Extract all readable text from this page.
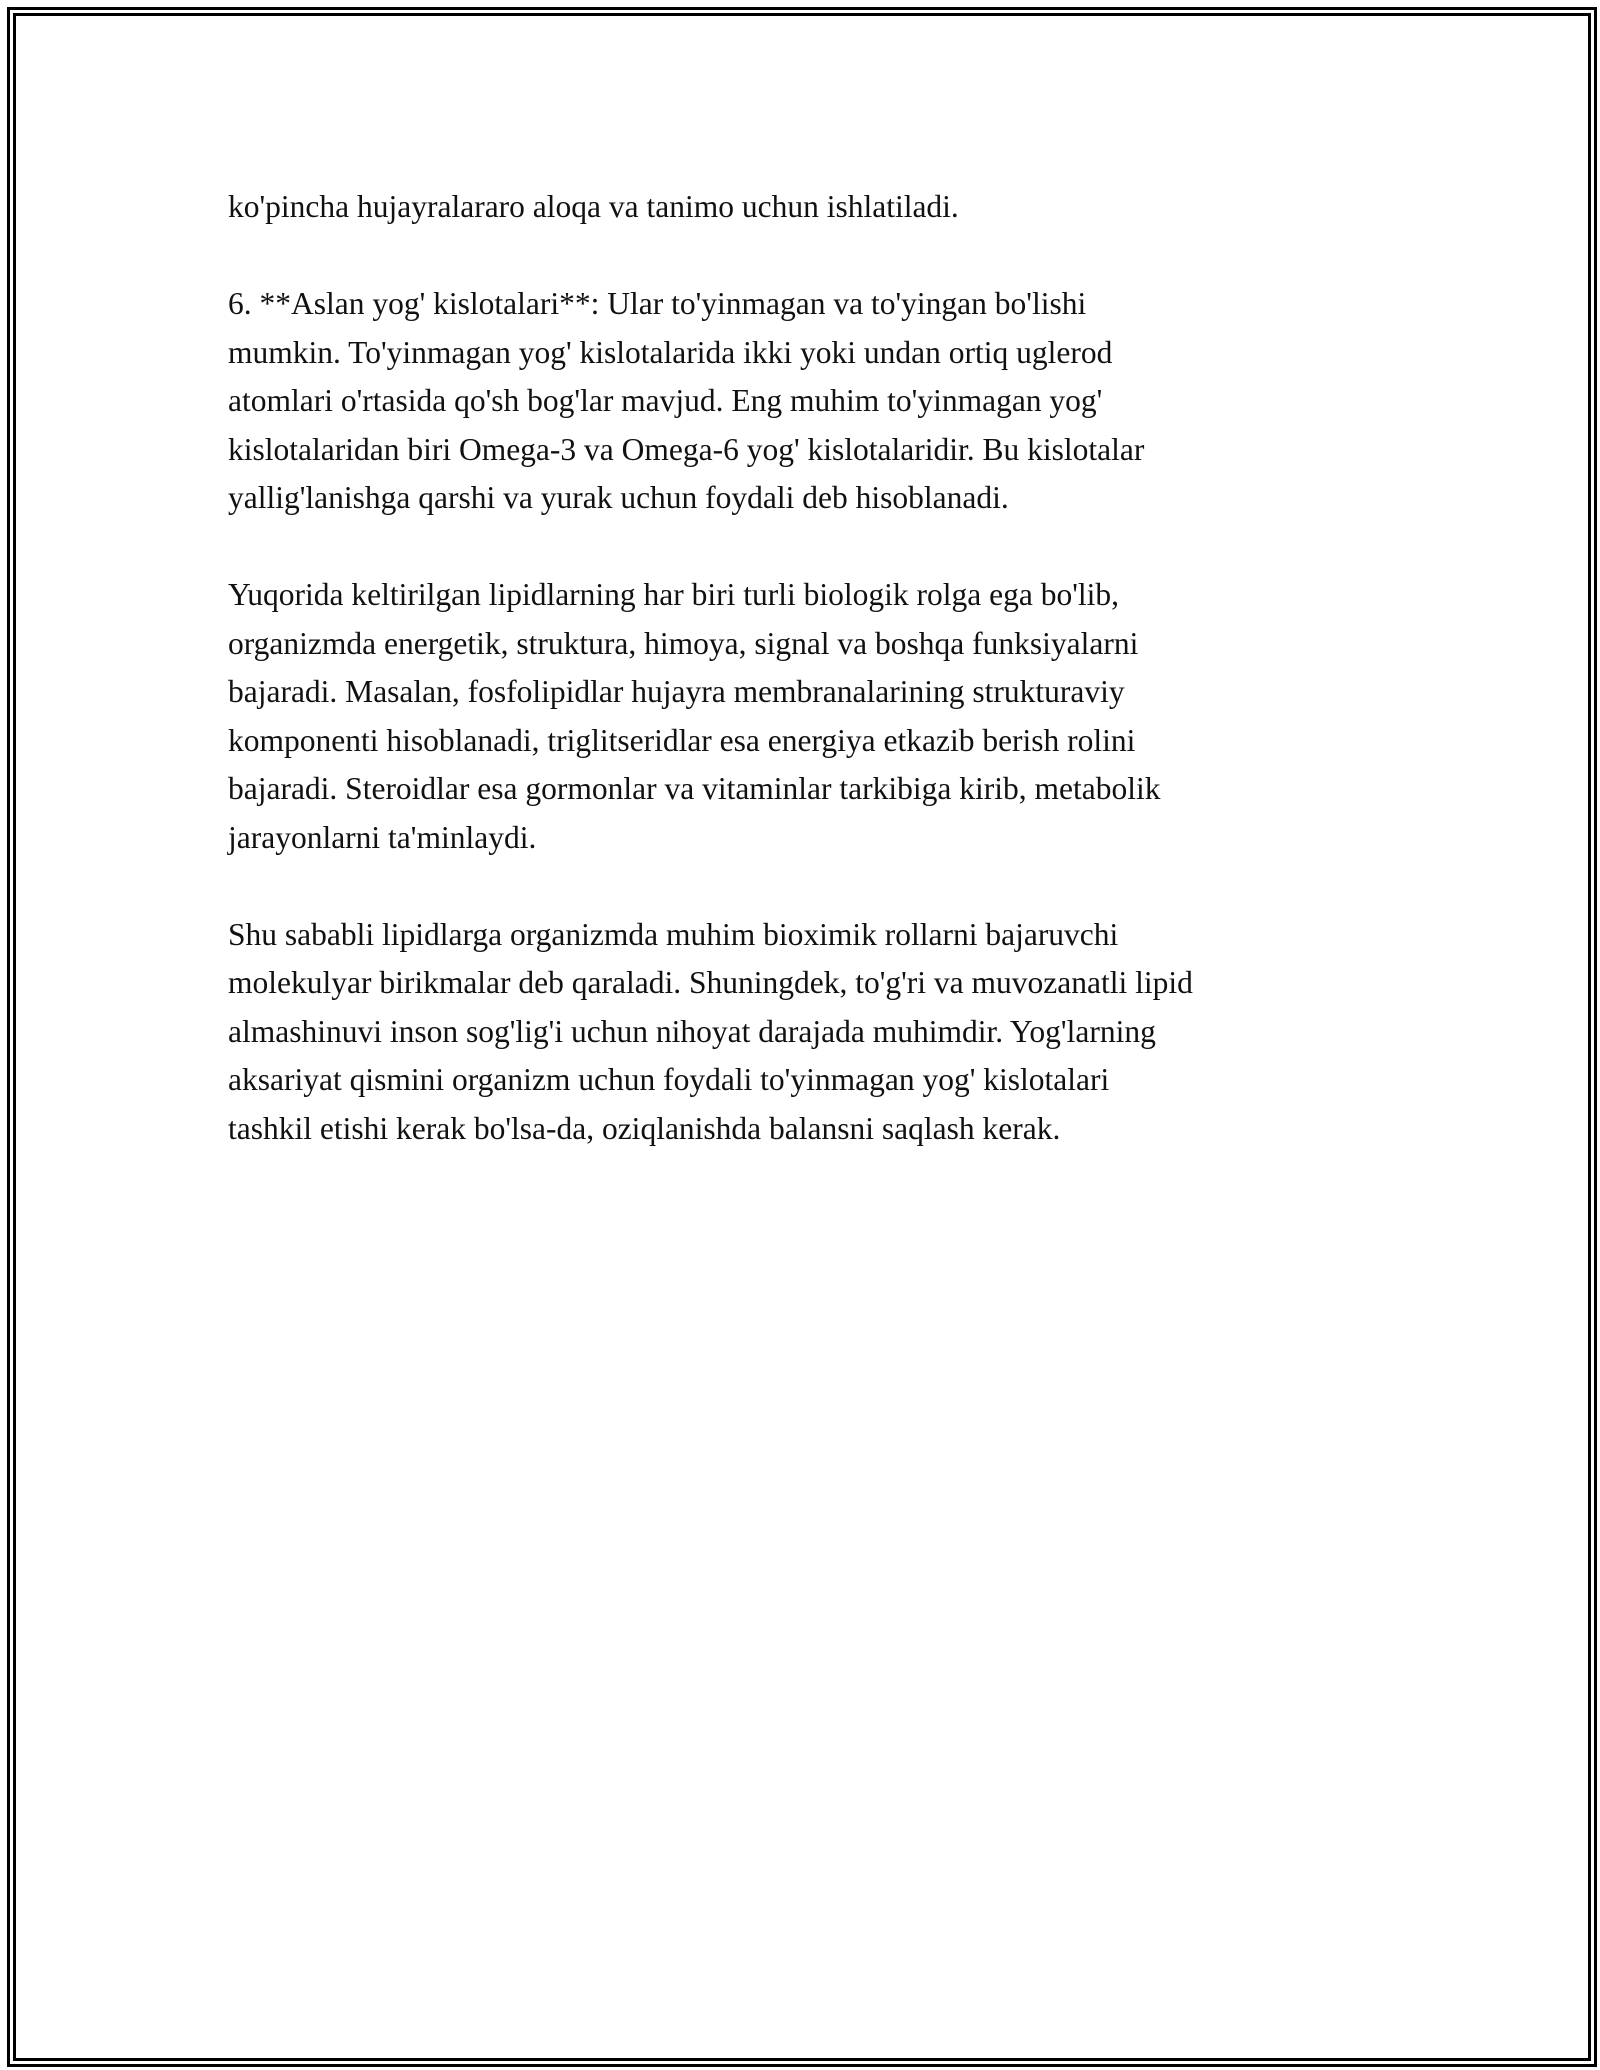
ko'pincha hujayralararo aloqa va tanimo uchun ishlatiladi.

6. **Aslan yog' kislotalari**: Ular to'yinmagan va to'yingan bo'lishi
mumkin. To'yinmagan yog' kislotalarida ikki yoki undan ortiq uglerod
atomlari o'rtasida qo'sh bog'lar mavjud. Eng muhim to'yinmagan yog'
kislotalaridan biri Omega-3 va Omega-6 yog' kislotalaridir. Bu kislotalar
yallig'lanishga qarshi va yurak uchun foydali deb hisoblanadi.

Yuqorida keltirilgan lipidlarning har biri turli biologik rolga ega bo'lib,
organizmda energetik, struktura, himoya, signal va boshqa funksiyalarni
bajaradi. Masalan, fosfolipidlar hujayra membranalarining strukturaviy
komponenti hisoblanadi, triglitseridlar esa energiya etkazib berish rolini
bajaradi. Steroidlar esa gormonlar va vitaminlar tarkibiga kirib, metabolik
jarayonlarni ta'minlaydi.

Shu sababli lipidlarga organizmda muhim bioximik rollarni bajaruvchi
molekulyar birikmalar deb qaraladi. Shuningdek, to'g'ri va muvozanatli lipid
almashinuvi inson sog'lig'i uchun nihoyat darajada muhimdir. Yog'larning
aksariyat qismini organizm uchun foydali to'yinmagan yog' kislotalari
tashkil etishi kerak bo'lsa-da, oziqlanishda balansni saqlash kerak.
